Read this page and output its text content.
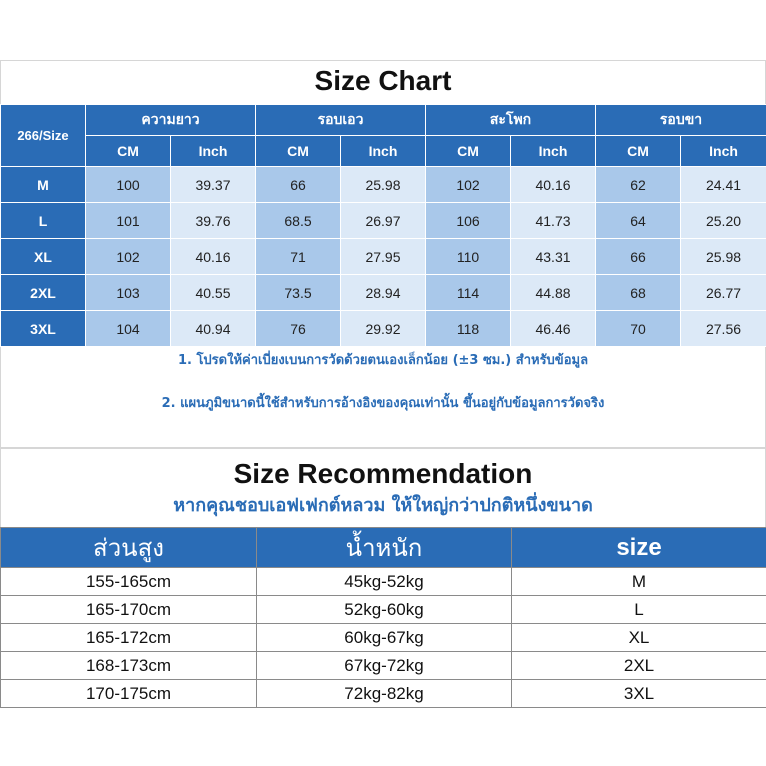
Size Chart
266/Size	ความยาว		รอบเอว		สะโพก		รอบขา	
	CM	Inch	CM	Inch	CM	Inch	CM	Inch
M	100	39.37	66	25.98	102	40.16	62	24.41
L	101	39.76	68.5	26.97	106	41.73	64	25.20
XL	102	40.16	71	27.95	110	43.31	66	25.98
2XL	103	40.55	73.5	28.94	114	44.88	68	26.77
3XL	104	40.94	76	29.92	118	46.46	70	27.56
1. โปรดให้ค่าเบี่ยงเบนการวัดด้วยตนเองเล็กน้อย (±3 ซม.) สำหรับข้อมูล
2. แผนภูมิขนาดนี้ใช้สำหรับการอ้างอิงของคุณเท่านั้น ขึ้นอยู่กับข้อมูลการวัดจริง
Size Recommendation
หากคุณชอบเอฟเฟกต์หลวม ให้ใหญ่กว่าปกติหนึ่งขนาด
ส่วนสูง	น้ำหนัก	size
155-165cm	45kg-52kg	M
165-170cm	52kg-60kg	L
165-172cm	60kg-67kg	XL
168-173cm	67kg-72kg	2XL
170-175cm	72kg-82kg	3XL
